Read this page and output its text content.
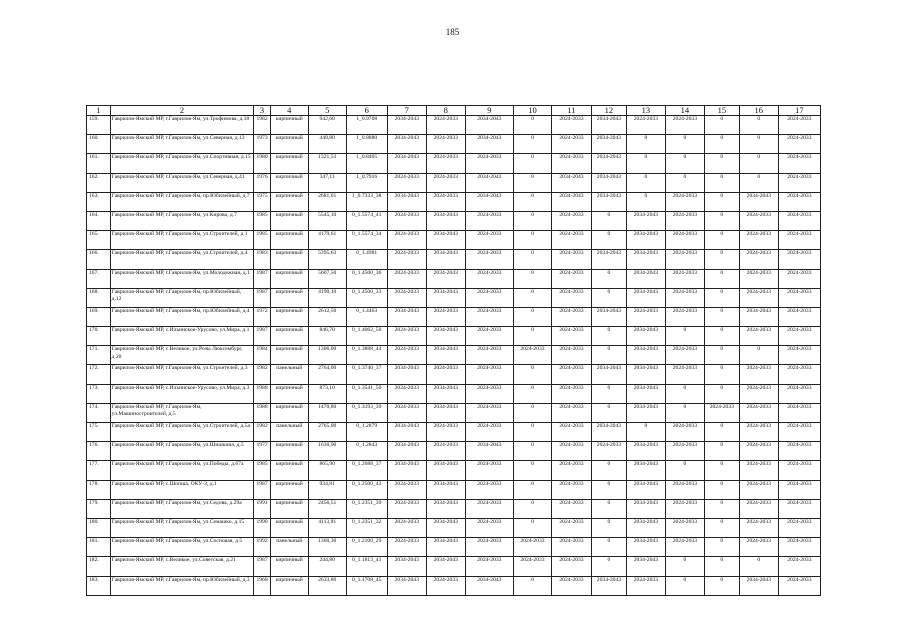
185
1	2	3	4	5	6	7	8	9	10	11	12	13	14	15	16	17
159.	Гаврилов-Ямский МР, г.Гаврилов-Ям, ул.Трофимова, д.18	1982	кирпичный	942,60	1_0.9708	2034-2043	2024-2033	2034-2043	0	2024-2033	2034-2043	2024-2033	2024-2033	0	0	2024-2033
160.	Гаврилов-Ямский МР, г.Гаврилов-Ям, ул.Северная, д.13	1973	кирпичный	448,80	1_0.8880	2034-2043	2024-2033	2034-2043	0	2024-2033	2034-2043	0	0	0	0	2024-2033
161.	Гаврилов-Ямский МР, г.Гаврилов-Ям, ул.Спортивная, д.15	1980	кирпичный	1321,53	1_0.8405	2034-2043	2024-2033	2024-2033	0	2024-2033	2034-2043	0	0	0	0	2024-2033
162.	Гаврилов-Ямский МР, г.Гаврилов-Ям, ул.Северная, д.41	1976	кирпичный	347,11	1_0.7916	2024-2033	2024-2033	2034-2043	0	2034-2043	2034-2043	0	0	0	0	2024-2033
163.	Гаврилов-Ямский МР, г.Гаврилов-Ям, пр.Юбилейный, д.7	1975	кирпичный	2681,61	1_0.7333_38	2034-2043	2024-2033	2034-2043	0	2034-2043	2034-2043	0	2024-2033	0	2034-2043	2024-2033
164.	Гаврилов-Ямский МР, г.Гаврилов-Ям, ул.Кирова, д.7	1985	кирпичный	5545,10	0_1.5574_41	2024-2033	2034-2043	2024-2033	0	2024-2033	0	2034-2043	2024-2033	0	2024-2033	2024-2033
165.	Гаврилов-Ямский МР, г.Гаврилов-Ям, ул.Строителей, д.1	1985	кирпичный	4179,61	0_1.5574_34	2024-2033	2034-2043	2024-2033	0	2024-2033	0	2034-2043	2024-2033	0	2024-2033	2024-2033
166.	Гаврилов-Ямский МР, г.Гаврилов-Ям, ул.Строителей, д.4	1983	кирпичный	5395,63	0_1.4981	2024-2033	2034-2043	2024-2033	0	2024-2033	2034-2043	2034-2043	2024-2033	0	2024-2033	2024-2033
167.	Гаврилов-Ямский МР, г.Гаврилов-Ям, ул.Молодежная, д.1	1987	кирпичный	5607,50	0_1.4500_36	2024-2033	2034-2043	2024-2033	0	2024-2033	0	2034-2043	2024-2033	0	2024-2033	2024-2033
168.	Гаврилов-Ямский МР, г.Гаврилов-Ям, пр.Юбилейный, д.12	1987	кирпичный	4190,10	0_1.4500_33	2024-2033	2034-2043	2024-2033	0	2024-2033	0	2034-2043	2024-2033	0	2024-2033	2024-2033
169.	Гаврилов-Ямский МР, г.Гаврилов-Ям, пр.Юбилейный, д.4	1972	кирпичный	2612,50	0_1.4463	2034-2043	2024-2033	2024-2033	0	2024-2033	2034-2043	2024-2033	2024-2033	0	2034-2043	2024-2033
170.	Гаврилов-Ямский МР, с.Ильинское-Урусово, ул.Мира, д.1	1987	кирпичный	846,70	0_1.4062_50	2024-2033	2034-2043	2024-2033	0	2024-2033	0	2034-2043	0	0	2024-2033	2024-2033
171.	Гаврилов-Ямский МР, с.Великое, ул.Розы Люксембург, д.20	1984	кирпичный	1306,00	0_1.3888_44	2024-2033	2034-2043	2024-2033	2024-2033	2024-2033	0	2034-2043	2024-2033	0	0	2024-2033
172.	Гаврилов-Ямский МР, г.Гаврилов-Ям, ул.Строителей, д.3	1982	панельный	2764,00	0_1.3740_37	2034-2043	2024-2033	2024-2033	0	2024-2033	2034-2043	2034-2043	2024-2033	0	2024-2033	2024-2033
173.	Гаврилов-Ямский МР, с.Ильинское-Урусово, ул.Мира, д.3	1988	кирпичный	873,10	0_1.3541_50	2024-2033	2034-2043	2024-2033	0	2024-2033	0	2034-2043	0	0	2024-2033	2024-2033
174.	Гаврилов-Ямский МР, г.Гаврилов-Ям, ул.Машиностроителей, д.5	1988	кирпичный	1470,80	0_1.3193_39	2024-2033	2034-2043	2024-2033	0	2024-2033	0	2034-2043	0	2024-2033	2024-2033	2024-2033
175.	Гаврилов-Ямский МР, г.Гаврилов-Ям, ул.Строителей, д.5а	1982	панельный	2765,00	0_1.2879	2034-2043	2024-2033	2024-2033	0	2024-2033	2034-2043	0	2024-2033	0	2024-2033	2024-2033
176.	Гаврилов-Ямский МР, г.Гаврилов-Ям, ул.Шишкина, д.5	1977	кирпичный	1630,90	0_1.2843	2034-2043	2024-2033	2034-2043	0	2024-2033	2024-2033	2034-2043	2024-2033	0	2024-2033	2024-2033
177.	Гаврилов-Ямский МР, г.Гаврилов-Ям, ул.Победы, д.67а	1985	кирпичный	865,90	0_1.2688_37	2034-2043	2034-2043	2024-2033	0	2024-2033	0	2034-2043	0	0	2024-2033	2024-2033
178.	Гаврилов-Ямский МР, с.Шопша, ОКУ-3, д.1	1987	кирпичный	934,81	0_1.2500_43	2024-2033	2034-2043	2024-2033	0	2024-2033	0	2034-2043	2024-2033	0	2024-2033	2024-2033
179.	Гаврилов-Ямский МР, г.Гаврилов-Ям, ул.Седова, д.29а	1991	кирпичный	2456,51	0_1.2351_39	2024-2033	2034-2043	2024-2033	0	2024-2033	0	2034-2043	2024-2033	0	2024-2033	2024-2033
180.	Гаврилов-Ямский МР, г.Гаврилов-Ям, ул.Семашко, д.15	1990	кирпичный	4113,81	0_1.2351_32	2024-2033	2034-2043	2024-2033	0	2024-2033	0	2034-2043	2024-2033	0	2024-2033	2024-2033
181.	Гаврилов-Ямский МР, г.Гаврилов-Ям, ул.Сосновая, д.5	1992	панельный	1360,30	0_1.2100_29	2024-2033	2034-2043	2024-2033	2024-2033	2024-2033	0	2034-2043	2024-2033	0	2024-2033	2024-2033
182.	Гаврилов-Ямский МР, с.Великое, ул.Советская, д.21	1987	кирпичный	244,80	0_1.1813_41	2034-2043	2034-2043	2024-2033	2024-2033	2024-2033	0	2034-2043	0	0	0	2024-2033
183.	Гаврилов-Ямский МР, г.Гаврилов-Ям, пр.Юбилейный, д.3	1968	кирпичный	2633,80	0_1.1708_45	2034-2043	2024-2033	2034-2043	0	2024-2033	2034-2043	2024-2033	0	0	2034-2043	2024-2033
